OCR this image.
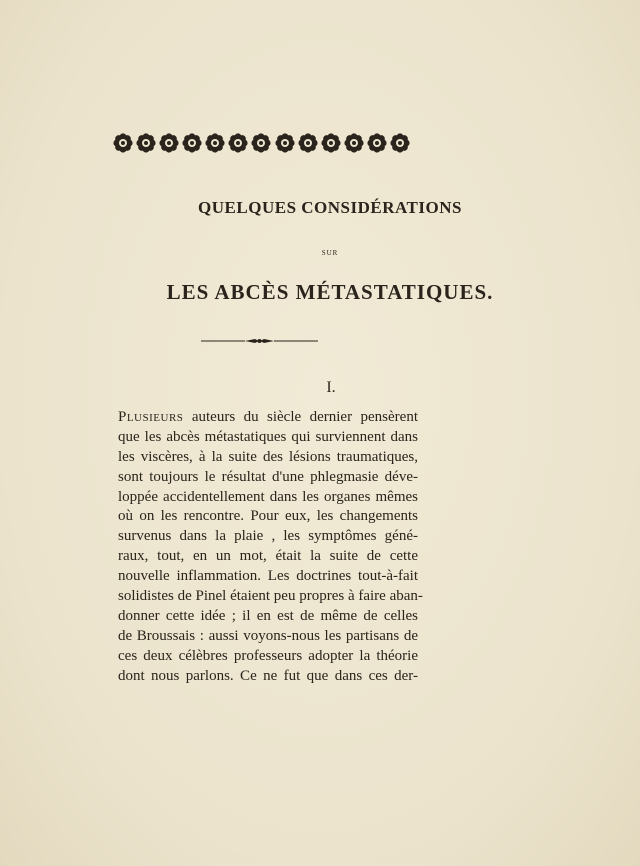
QUELQUES CONSIDÉRATIONS
SUR
LES ABCÈS MÉTASTATIQUES.
I.
Plusieurs auteurs du siècle dernier pensèrent
que les abcès métastatiques qui surviennent dans
les viscères, à la suite des lésions traumatiques,
sont toujours le résultat d'une phlegmasie déve-
loppée accidentellement dans les organes mêmes
où on les rencontre. Pour eux, les changements
survenus dans la plaie , les symptômes géné-
raux, tout, en un mot, était la suite de cette
nouvelle inflammation. Les doctrines tout-à-fait
solidistes de Pinel étaient peu propres à faire aban-
donner cette idée ; il en est de même de celles
de Broussais : aussi voyons-nous les partisans de
ces deux célèbres professeurs adopter la théorie
dont nous parlons. Ce ne fut que dans ces der-
